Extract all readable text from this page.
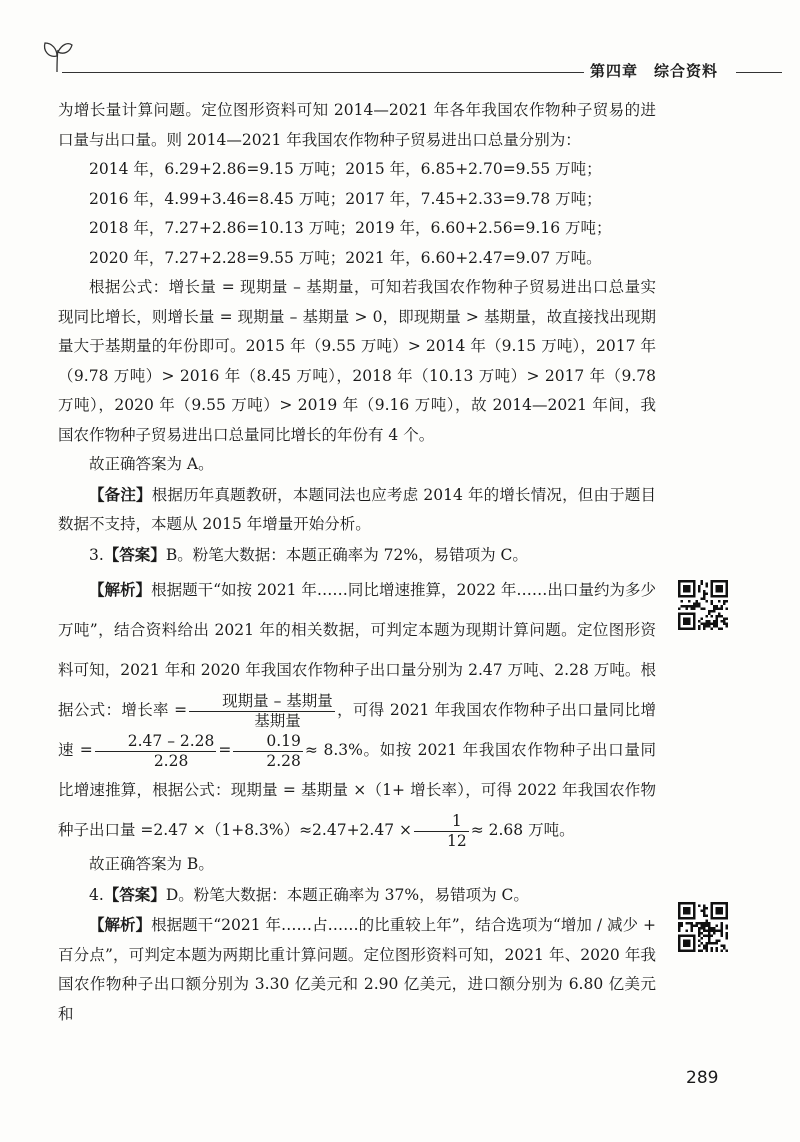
第四章 综合资料

为增长量计算问题。定位图形资料可知 2014—2021 年各年我国农作物种子贸易的进口量与出口量。则 2014—2021 年我国农作物种子贸易进出口总量分别为：

2014 年，6.29+2.86=9.15 万吨；2015 年，6.85+2.70=9.55 万吨；

2016 年，4.99+3.46=8.45 万吨；2017 年，7.45+2.33=9.78 万吨；

2018 年，7.27+2.86=10.13 万吨；2019 年，6.60+2.56=9.16 万吨；

2020 年，7.27+2.28=9.55 万吨；2021 年，6.60+2.47=9.07 万吨。

根据公式：增长量 = 现期量 – 基期量，可知若我国农作物种子贸易进出口总量实现同比增长，则增长量 = 现期量 – 基期量 > 0，即现期量 > 基期量，故直接找出现期量大于基期量的年份即可。2015 年（9.55 万吨）> 2014 年（9.15 万吨），2017 年（9.78 万吨）> 2016 年（8.45 万吨），2018 年（10.13 万吨）> 2017 年（9.78 万吨），2020 年（9.55 万吨）> 2019 年（9.16 万吨），故 2014—2021 年间，我国农作物种子贸易进出口总量同比增长的年份有 4 个。

故正确答案为 A。

【备注】根据历年真题教研，本题同法也应考虑 2014 年的增长情况，但由于题目数据不支持，本题从 2015 年增量开始分析。

3.【答案】B。粉笔大数据：本题正确率为 72%，易错项为 C。

【解析】根据题干“如按 2021 年……同比增速推算，2022 年……出口量约为多少万吨”，结合资料给出 2021 年的相关数据，可判定本题为现期计算问题。定位图形资料可知，2021 年和 2020 年我国农作物种子出口量分别为 2.47 万吨、2.28 万吨。根据公式：增长率 = $\frac{\text{现期量 – 基期量}}{\text{基期量}}$ ，可得 2021 年我国农作物种子出口量同比增速 = $\frac{2.47 - 2.28}{2.28} = \frac{0.19}{2.28} \approx 8.3\%$。如按 2021 年我国农作物种子出口量同比增速推算，根据公式：现期量 = 基期量 ×（1+ 增长率），可得 2022 年我国农作物种子出口量 $=2.47 \times(1+8.3\%)\approx 2.47+2.47 \times \frac{1}{12} \approx 2.68$ 万吨。

故正确答案为 B。

4.【答案】D。粉笔大数据：本题正确率为 37%，易错项为 C。

【解析】根据题干“2021 年……占……的比重较上年”，结合选项为“增加 / 减少 + 百分点”，可判定本题为两期比重计算问题。定位图形资料可知，2021 年、2020 年我国农作物种子出口额分别为 3.30 亿美元和 2.90 亿美元，进口额分别为 6.80 亿美元和

289
